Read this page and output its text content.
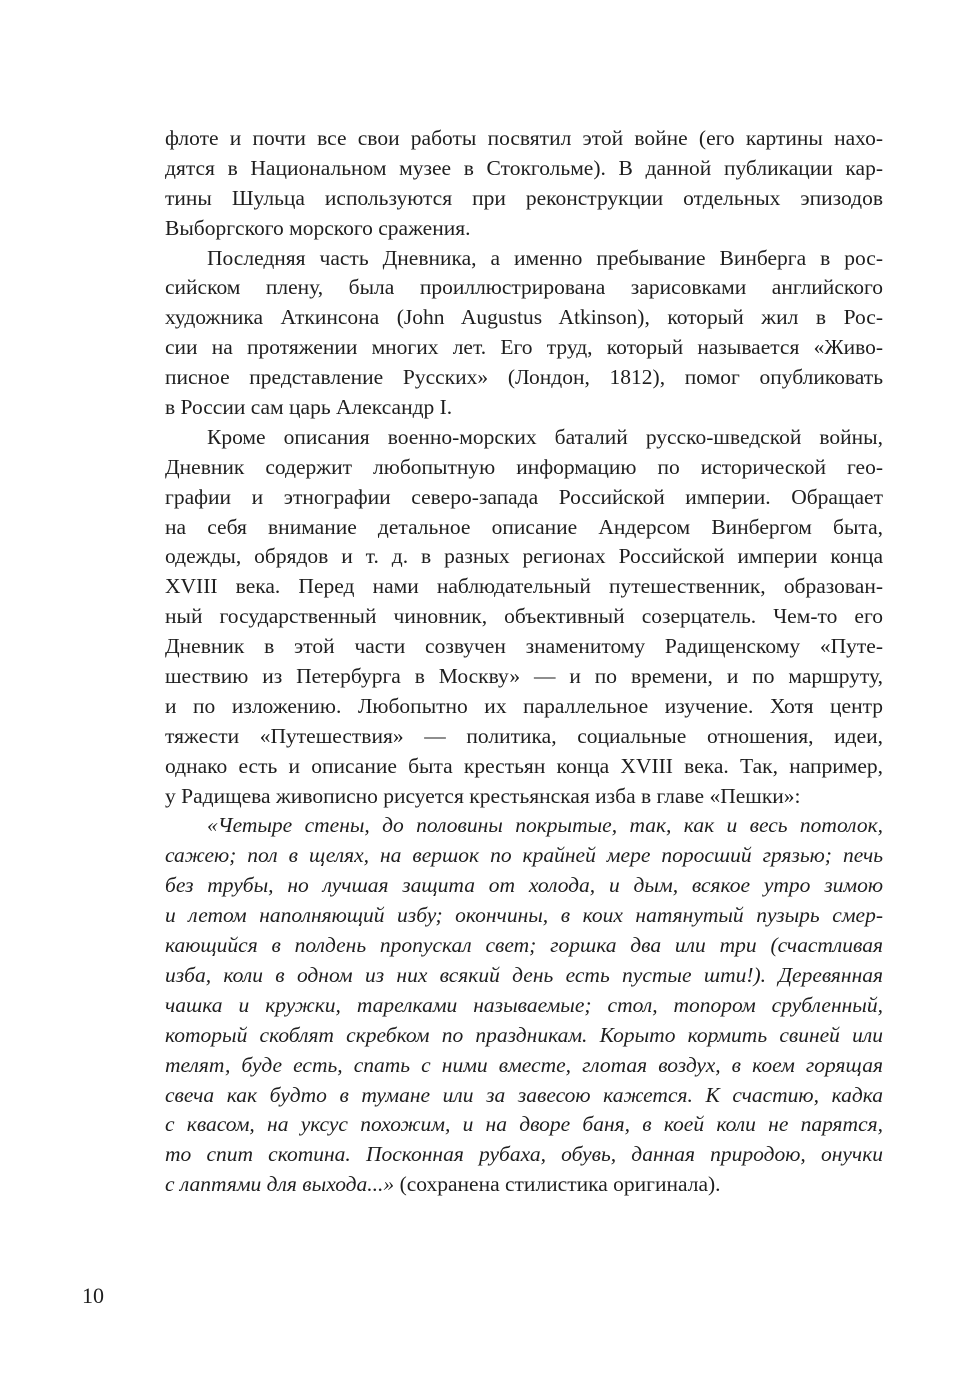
флоте и почти все свои работы посвятил этой войне (его картины нахо-
дятся в Национальном музее в Стокгольме). В данной публикации кар-
тины Шульца используются при реконструкции отдельных эпизодов
Выборгского морского сражения.
Последняя часть Дневника, а именно пребывание Винберга в рос-
сийском плену, была проиллюстрирована зарисовками английского
художника Аткинсона (John Augustus Atkinson), который жил в Рос-
сии на протяжении многих лет. Его труд, который называется «Живо-
писное представление Русских» (Лондон, 1812), помог опубликовать
в России сам царь Александр I.
Кроме описания военно-морских баталий русско-шведской войны,
Дневник содержит любопытную информацию по исторической гео-
графии и этнографии северо-запада Российской империи. Обращает
на себя внимание детальное описание Андерсом Винбергом быта,
одежды, обрядов и т. д. в разных регионах Российской империи конца
XVIII века. Перед нами наблюдательный путешественник, образован-
ный государственный чиновник, объективный созерцатель. Чем-то его
Дневник в этой части созвучен знаменитому Радищенскому «Путе-
шествию из Петербурга в Москву» — и по времени, и по маршруту,
и по изложению. Любопытно их параллельное изучение. Хотя центр
тяжести «Путешествия» — политика, социальные отношения, идеи,
однако есть и описание быта крестьян конца XVIII века. Так, например,
у Радищева живописно рисуется крестьянская изба в главе «Пешки»:
«Четыре стены, до половины покрытые, так, как и весь потолок,
сажею; пол в щелях, на вершок по крайней мере поросший грязью; печь
без трубы, но лучшая защита от холода, и дым, всякое утро зимою
и летом наполняющий избу; окончины, в коих натянутый пузырь смер-
кающийся в полдень пропускал свет; горшка два или три (счастливая
изба, коли в одном из них всякий день есть пустые шти!). Деревянная
чашка и кружки, тарелками называемые; стол, топором срубленный,
который скоблят скребком по праздникам. Корыто кормить свиней или
телят, буде есть, спать с ними вместе, глотая воздух, в коем горящая
свеча как будто в тумане или за завесою кажется. К счастию, кадка
с квасом, на уксус похожим, и на дворе баня, в коей коли не парятся,
то спит скотина. Посконная рубаха, обувь, данная природою, онучки
с лаптями для выхода...» (сохранена стилистика оригинала).
10
